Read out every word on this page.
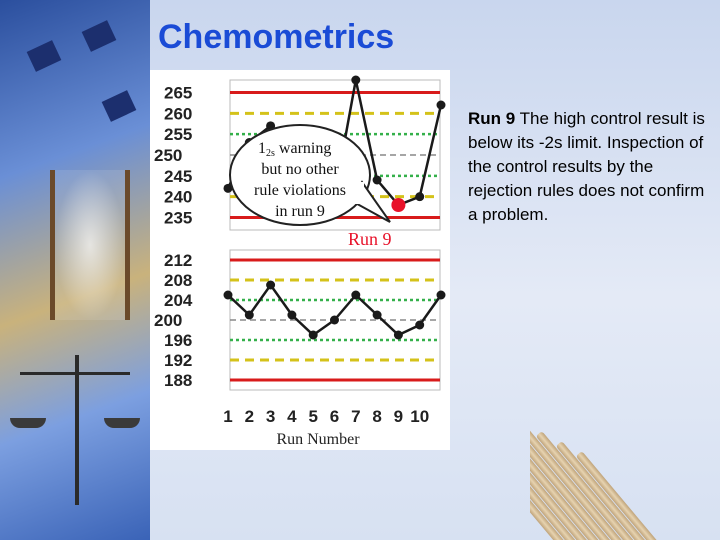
Chemometrics
265
260
255
250
245
240
235
12s warning
but no other
rule violations
in run 9
Run 9
212
208
204
200
196
192
188
1 2 3 4 5 6 7 8 9 10
Run Number
Run 9 The high control result is below its -2s limit. Inspection of the control results by the rejection rules does not confirm a problem.
